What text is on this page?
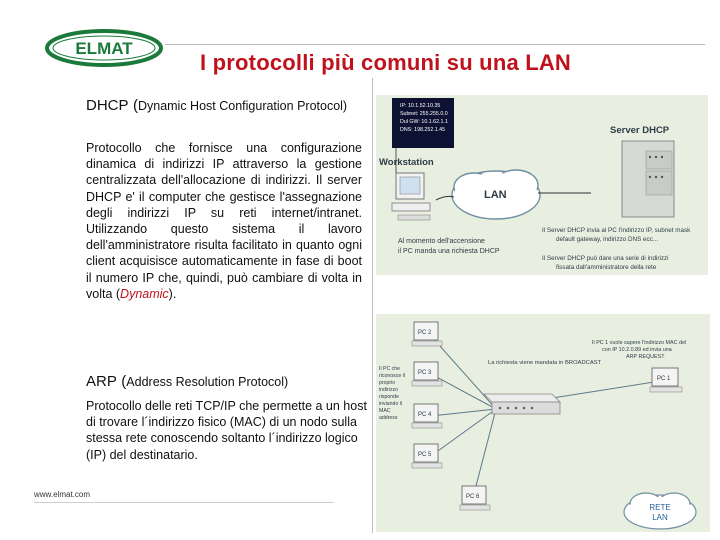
ELMAT
I protocolli più comuni su una LAN
DHCP (Dynamic Host Configuration Protocol)
Protocollo che fornisce una configurazione dinamica di indirizzi IP attraverso la gestione centralizzata dell'allocazione di indirizzi. Il server DHCP e' il computer che gestisce l'assegnazione degli indirizzi IP su reti internet/intranet. Utilizzando questo sistema il lavoro dell'amministratore risulta facilitato in quanto ogni client acquisisce automaticamente in fase di boot il numero IP che, quindi, può cambiare di volta in volta (Dynamic).
ARP (Address Resolution Protocol)
Protocollo delle reti TCP/IP che permette a un host di trovare l´indirizzo fisico (MAC) di un nodo sulla stessa rete conoscendo soltanto l´indirizzo logico (IP) del destinatario.
www.elmat.com
IP: 10.1.52.10.35
Subnet: 255.255.0.0
Dul GW: 10.1.62.1.1
DNS: 198.252.1.45
Workstation
LAN
Server DHCP
Al momento dell'accensione
il PC manda una richiesta DHCP
Il Server DHCP invia al PC l'indirizzo IP, subnet mask
default gateway, indirizzo DNS ecc...
Il Server DHCP può dare una serie di indirizzi
fissata dall'amministratore della rete
PC 2
PC 3
PC 4
PC 5
PC 6
PC 1
Il PC 1 vuole sapere l'indirizzo MAC del
con IP 10.2.0.89 ed invia una
ARP REQUEST
La richiesta viene mandata in BROADCAST
Il PC che
riconosce il
proprio
indirizzo
risponde
inviando il
MAC
address
RETE
LAN
